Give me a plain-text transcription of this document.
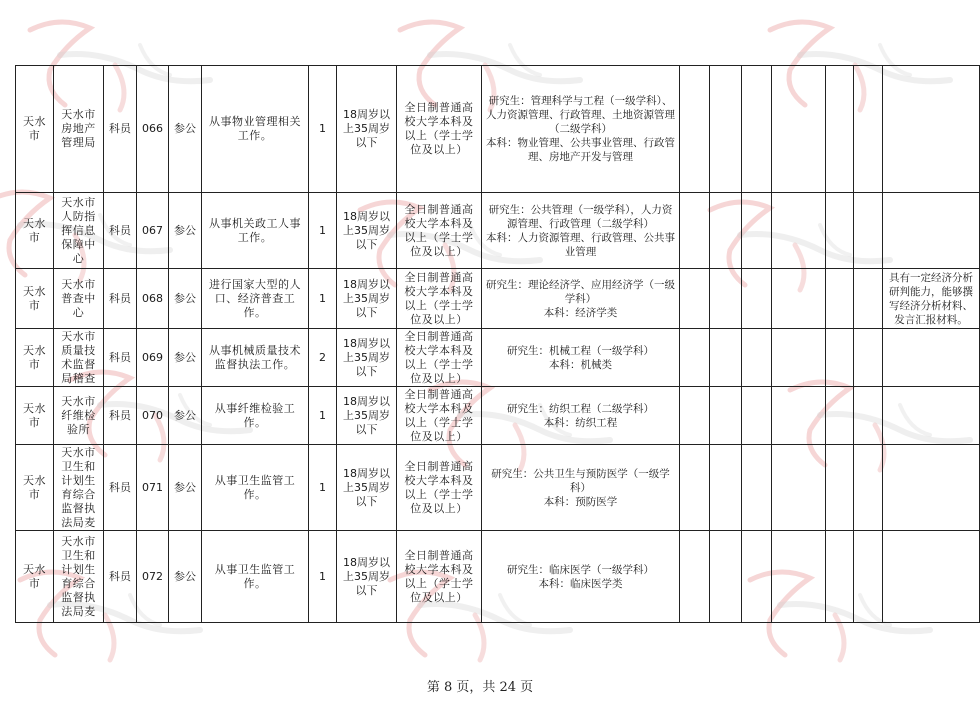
天水市	天水市房地产管理局	科员	066	参公	从事物业管理相关工作。	1	18周岁以上35周岁以下	全日制普通高校大学本科及以上（学士学位及以上）	研究生：管理科学与工程（一级学科）、人力资源管理、行政管理、土地资源管理（二级学科）
本科：物业管理、公共事业管理、行政管理、房地产开发与管理							
天水市	天水市人防指挥信息保障中心	科员	067	参公	从事机关政工人事工作。	1	18周岁以上35周岁以下	全日制普通高校大学本科及以上（学士学位及以上）	研究生：公共管理（一级学科），人力资源管理、行政管理（二级学科）
本科：人力资源管理、行政管理、公共事业管理							
天水市	天水市普查中心	科员	068	参公	进行国家大型的人口、经济普查工作。	1	18周岁以上35周岁以下	全日制普通高校大学本科及以上（学士学位及以上）	研究生：理论经济学、应用经济学（一级学科）
本科：经济学类							具有一定经济分析研判能力，能够撰写经济分析材料、发言汇报材料。
天水市	天水市质量技术监督局稽查	科员	069	参公	从事机械质量技术监督执法工作。	2	18周岁以上35周岁以下	全日制普通高校大学本科及以上（学士学位及以上）	研究生：机械工程（一级学科）
本科：机械类							
天水市	天水市纤维检验所	科员	070	参公	从事纤维检验工作。	1	18周岁以上35周岁以下	全日制普通高校大学本科及以上（学士学位及以上）	研究生：纺织工程（二级学科）
本科：纺织工程							
天水市	天水市卫生和计划生育综合监督执法局麦	科员	071	参公	从事卫生监管工作。	1	18周岁以上35周岁以下	全日制普通高校大学本科及以上（学士学位及以上）	研究生：公共卫生与预防医学（一级学科）
本科：预防医学							
天水市	天水市卫生和计划生育综合监督执法局麦	科员	072	参公	从事卫生监管工作。	1	18周岁以上35周岁以下	全日制普通高校大学本科及以上（学士学位及以上）	研究生：临床医学（一级学科）
本科：临床医学类							
第 8 页，共 24 页
